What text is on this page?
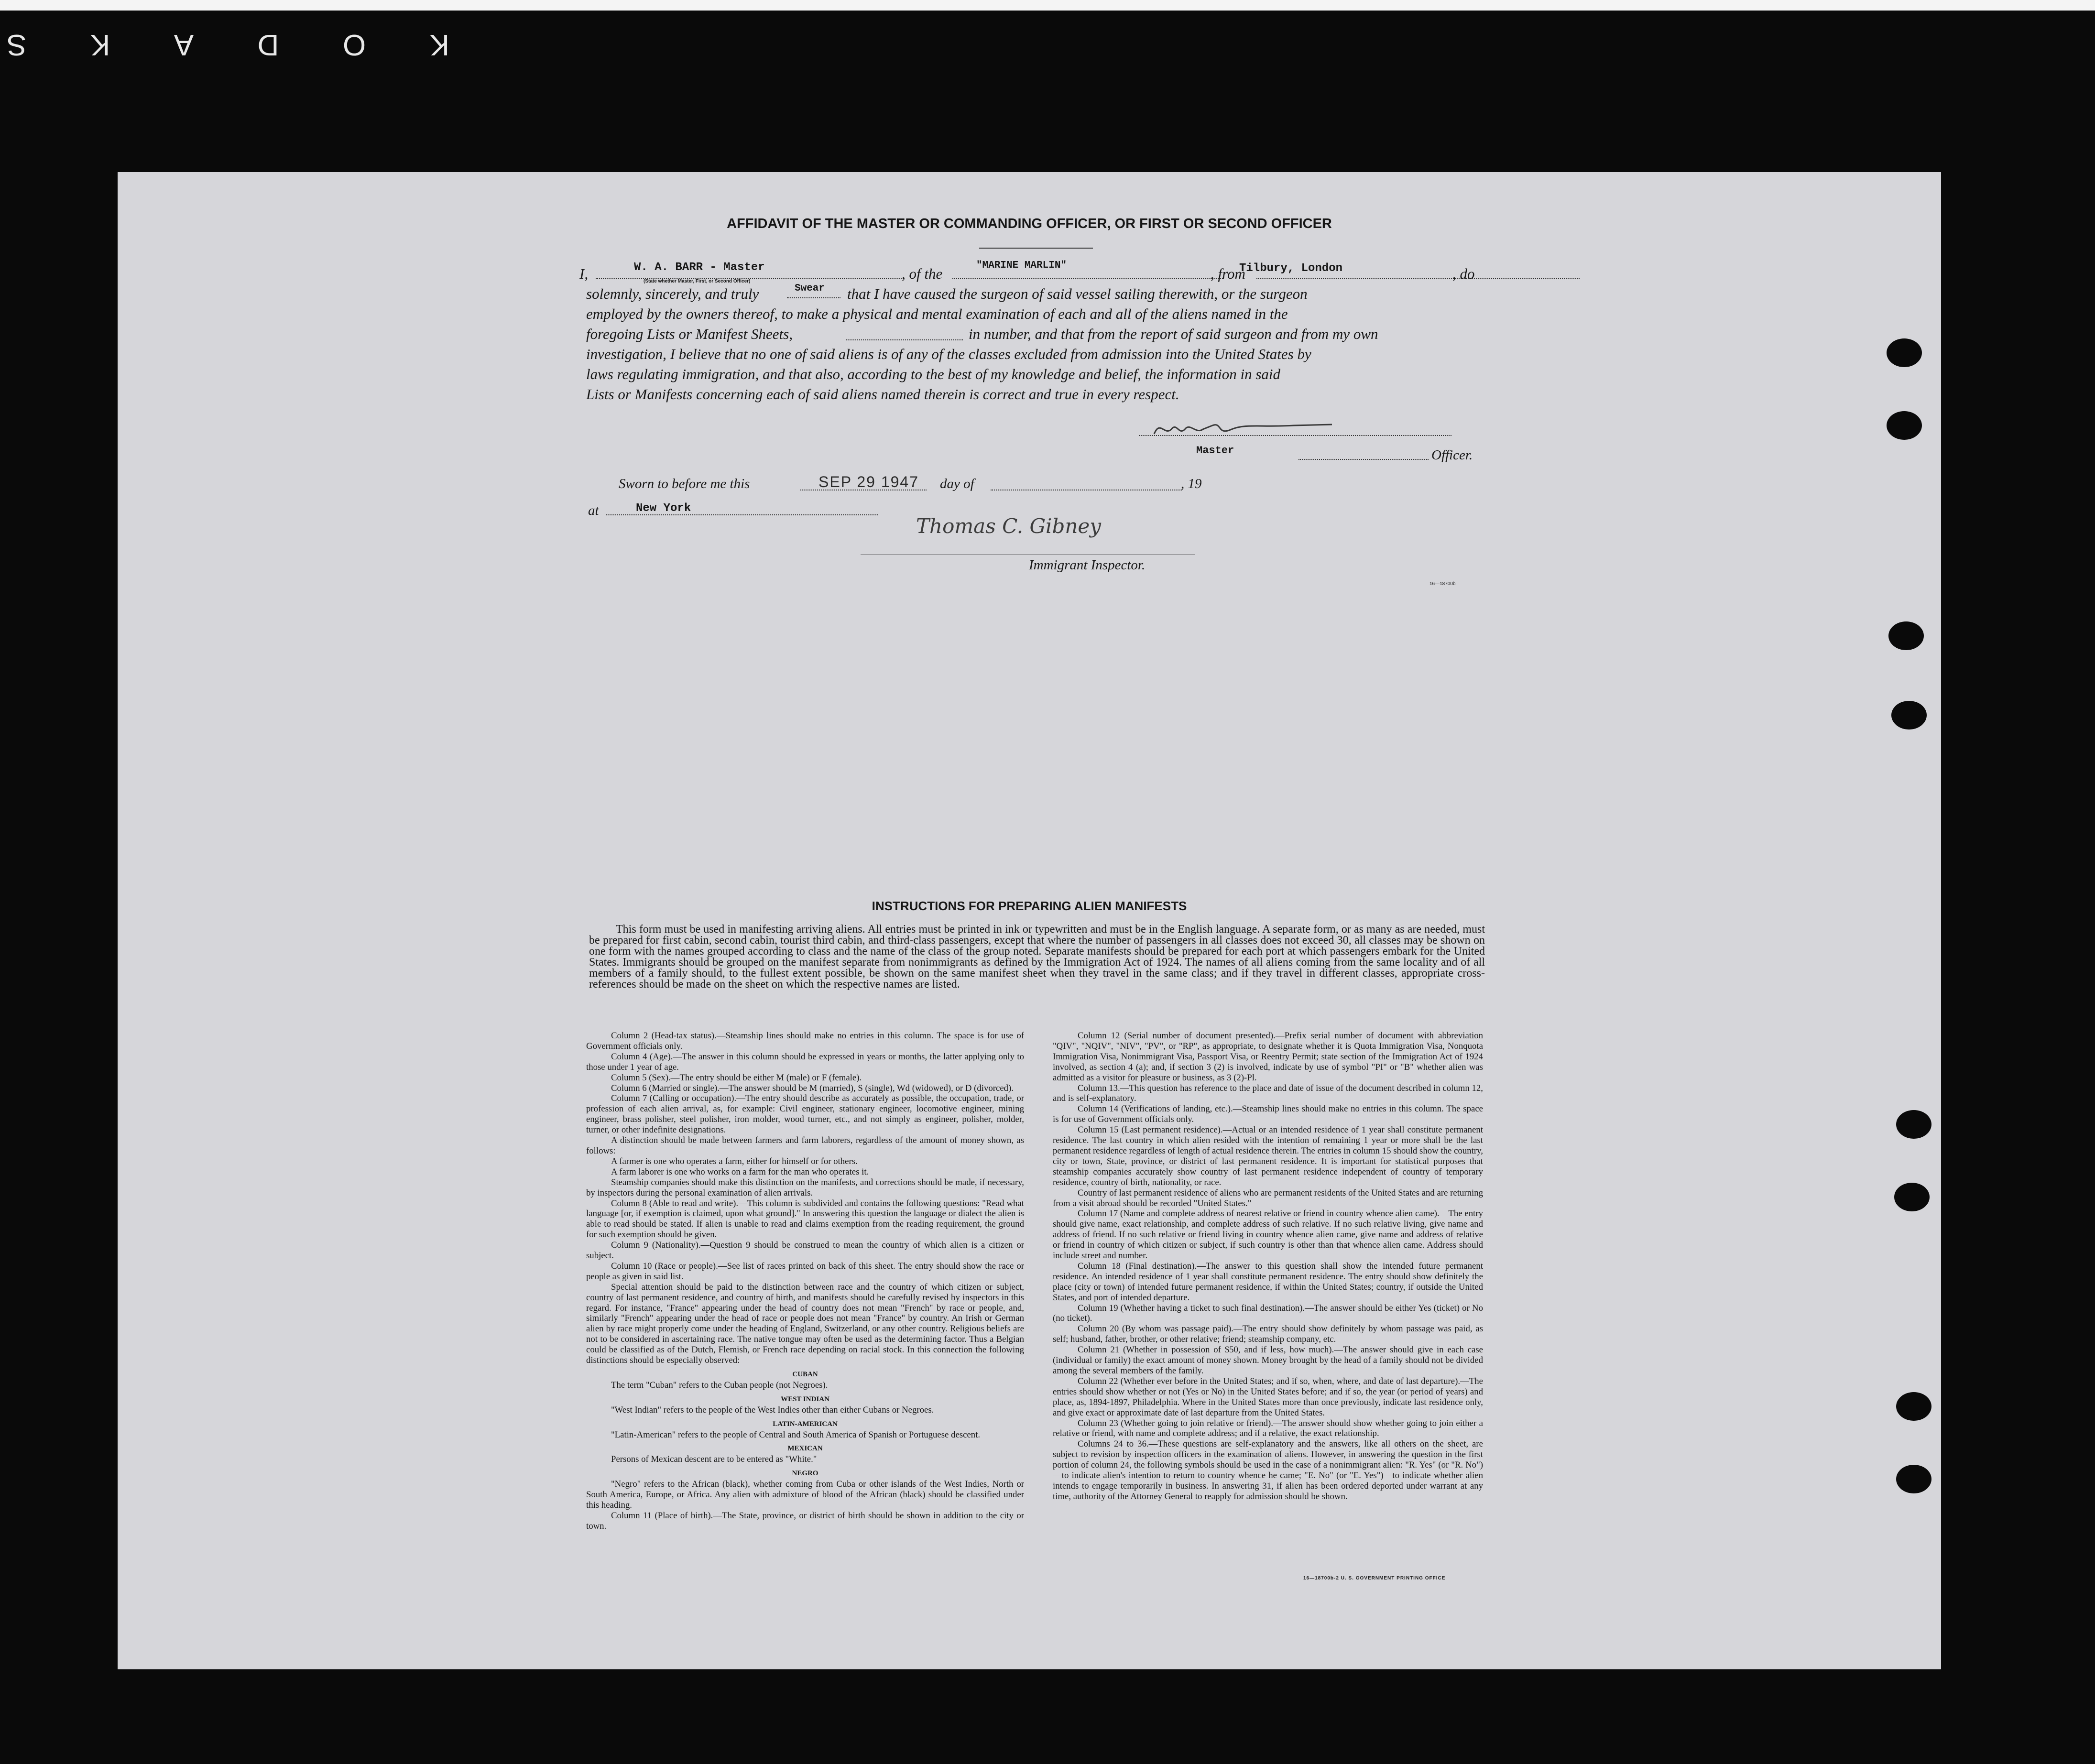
K
O
D
A
K
S
AFFIDAVIT OF THE MASTER OR COMMANDING OFFICER, OR FIRST OR SECOND OFFICER
I,	W. A. BARR - Master
(State whether Master, First, or Second Officer)	, of the	"MARINE MARLIN"	, from
Tilbury, London	, do
solemnly, sincerely, and truly	Swear that I have caused the surgeon of said vessel sailing therewith, or the surgeon
employed by the owners thereof, to make a physical and mental examination of each and all of the aliens named in the
foregoing Lists or Manifest Sheets,	in number, and that from the report of said surgeon and from my own
investigation, I believe that no one of said aliens is of any of the classes excluded from admission into the United States by
laws regulating immigration, and that also, according to the best of my knowledge and belief, the information in said
Lists or Manifests concerning each of said aliens named therein is correct and true in every respect.
Master	Officer.
Sworn to before me this	SEP 29 1947 day of	, 19
at	New York
Thomas C. Gibney
Immigrant Inspector.
16—18700b
INSTRUCTIONS FOR PREPARING ALIEN MANIFESTS

This form must be used in manifesting arriving aliens. All entries must be printed in ink or typewritten and must be in the English language. A separate form, or as many as are needed, must be prepared for first cabin, second cabin, tourist third cabin, and third-class passengers, except that where the number of passengers in all classes does not exceed 30, all classes may be shown on one form with the names grouped according to class and the name of the class of the group noted. Separate manifests should be prepared for each port at which passengers embark for the United States. Immigrants should be grouped on the manifest separate from nonimmigrants as defined by the Immigration Act of 1924. The names of all aliens coming from the same locality and of all members of a family should, to the fullest extent possible, be shown on the same manifest sheet when they travel in the same class; and if they travel in different classes, appropriate cross-references should be made on the sheet on which the respective names are listed.

Column 2 (Head-tax status).—Steamship lines should make no entries in this column. The space is for use of Government officials only.

Column 4 (Age).—The answer in this column should be expressed in years or months, the latter applying only to those under 1 year of age.

Column 5 (Sex).—The entry should be either M (male) or F (female).

Column 6 (Married or single).—The answer should be M (married), S (single), Wd (widowed), or D (divorced).

Column 7 (Calling or occupation).—The entry should describe as accurately as possible, the occupation, trade, or profession of each alien arrival, as, for example: Civil engineer, stationary engineer, locomotive engineer, mining engineer, brass polisher, steel polisher, iron molder, wood turner, etc., and not simply as engineer, polisher, molder, turner, or other indefinite designations.

A distinction should be made between farmers and farm laborers, regardless of the amount of money shown, as follows:

A farmer is one who operates a farm, either for himself or for others.

A farm laborer is one who works on a farm for the man who operates it.

Steamship companies should make this distinction on the manifests, and corrections should be made, if necessary, by inspectors during the personal examination of alien arrivals.

Column 8 (Able to read and write).—This column is subdivided and contains the following questions: "Read what language [or, if exemption is claimed, upon what ground]." In answering this question the language or dialect the alien is able to read should be stated. If alien is unable to read and claims exemption from the reading requirement, the ground for such exemption should be given.

Column 9 (Nationality).—Question 9 should be construed to mean the country of which alien is a citizen or subject.

Column 10 (Race or people).—See list of races printed on back of this sheet. The entry should show the race or people as given in said list.

Special attention should be paid to the distinction between race and the country of which citizen or subject, country of last permanent residence, and country of birth, and manifests should be carefully revised by inspectors in this regard. For instance, "France" appearing under the head of country does not mean "French" by race or people, and, similarly "French" appearing under the head of race or people does not mean "France" by country. An Irish or German alien by race might properly come under the heading of England, Switzerland, or any other country. Religious beliefs are not to be considered in ascertaining race. The native tongue may often be used as the determining factor. Thus a Belgian could be classified as of the Dutch, Flemish, or French race depending on racial stock. In this connection the following distinctions should be especially observed:

CUBAN

The term "Cuban" refers to the Cuban people (not Negroes).

WEST INDIAN

"West Indian" refers to the people of the West Indies other than either Cubans or Negroes.

LATIN-AMERICAN

"Latin-American" refers to the people of Central and South America of Spanish or Portuguese descent.

MEXICAN

Persons of Mexican descent are to be entered as "White."

NEGRO

"Negro" refers to the African (black), whether coming from Cuba or other islands of the West Indies, North or South America, Europe, or Africa. Any alien with admixture of blood of the African (black) should be classified under this heading.

Column 11 (Place of birth).—The State, province, or district of birth should be shown in addition to the city or town.

Column 12 (Serial number of document presented).—Prefix serial number of document with abbreviation "QIV", "NQIV", "NIV", "PV", or "RP", as appropriate, to designate whether it is Quota Immigration Visa, Nonquota Immigration Visa, Nonimmigrant Visa, Passport Visa, or Reentry Permit; state section of the Immigration Act of 1924 involved, as section 4 (a); and, if section 3 (2) is involved, indicate by use of symbol "PI" or "B" whether alien was admitted as a visitor for pleasure or business, as 3 (2)-Pl.

Column 13.—This question has reference to the place and date of issue of the document described in column 12, and is self-explanatory.

Column 14 (Verifications of landing, etc.).—Steamship lines should make no entries in this column. The space is for use of Government officials only.

Column 15 (Last permanent residence).—Actual or an intended residence of 1 year shall constitute permanent residence. The last country in which alien resided with the intention of remaining 1 year or more shall be the last permanent residence regardless of length of actual residence therein. The entries in column 15 should show the country, city or town, State, province, or district of last permanent residence. It is important for statistical purposes that steamship companies accurately show country of last permanent residence independent of country of temporary residence, country of birth, nationality, or race.

Country of last permanent residence of aliens who are permanent residents of the United States and are returning from a visit abroad should be recorded "United States."

Column 17 (Name and complete address of nearest relative or friend in country whence alien came).—The entry should give name, exact relationship, and complete address of such relative. If no such relative living, give name and address of friend. If no such relative or friend living in country whence alien came, give name and address of relative or friend in country of which citizen or subject, if such country is other than that whence alien came. Address should include street and number.

Column 18 (Final destination).—The answer to this question shall show the intended future permanent residence. An intended residence of 1 year shall constitute permanent residence. The entry should show definitely the place (city or town) of intended future permanent residence, if within the United States; country, if outside the United States, and port of intended departure.

Column 19 (Whether having a ticket to such final destination).—The answer should be either Yes (ticket) or No (no ticket).

Column 20 (By whom was passage paid).—The entry should show definitely by whom passage was paid, as self; husband, father, brother, or other relative; friend; steamship company, etc.

Column 21 (Whether in possession of $50, and if less, how much).—The answer should give in each case (individual or family) the exact amount of money shown. Money brought by the head of a family should not be divided among the several members of the family.

Column 22 (Whether ever before in the United States; and if so, when, where, and date of last departure).—The entries should show whether or not (Yes or No) in the United States before; and if so, the year (or period of years) and place, as, 1894-1897, Philadelphia. Where in the United States more than once previously, indicate last residence only, and give exact or approximate date of last departure from the United States.

Column 23 (Whether going to join relative or friend).—The answer should show whether going to join either a relative or friend, with name and complete address; and if a relative, the exact relationship.

Columns 24 to 36.—These questions are self-explanatory and the answers, like all others on the sheet, are subject to revision by inspection officers in the examination of aliens. However, in answering the question in the first portion of column 24, the following symbols should be used in the case of a nonimmigrant alien: "R. Yes" (or "R. No")—to indicate alien's intention to return to country whence he came; "E. No" (or "E. Yes")—to indicate whether alien intends to engage temporarily in business. In answering 31, if alien has been ordered deported under warrant at any time, authority of the Attorney General to reapply for admission should be shown.

16—18700b-2 U. S. GOVERNMENT PRINTING OFFICE
